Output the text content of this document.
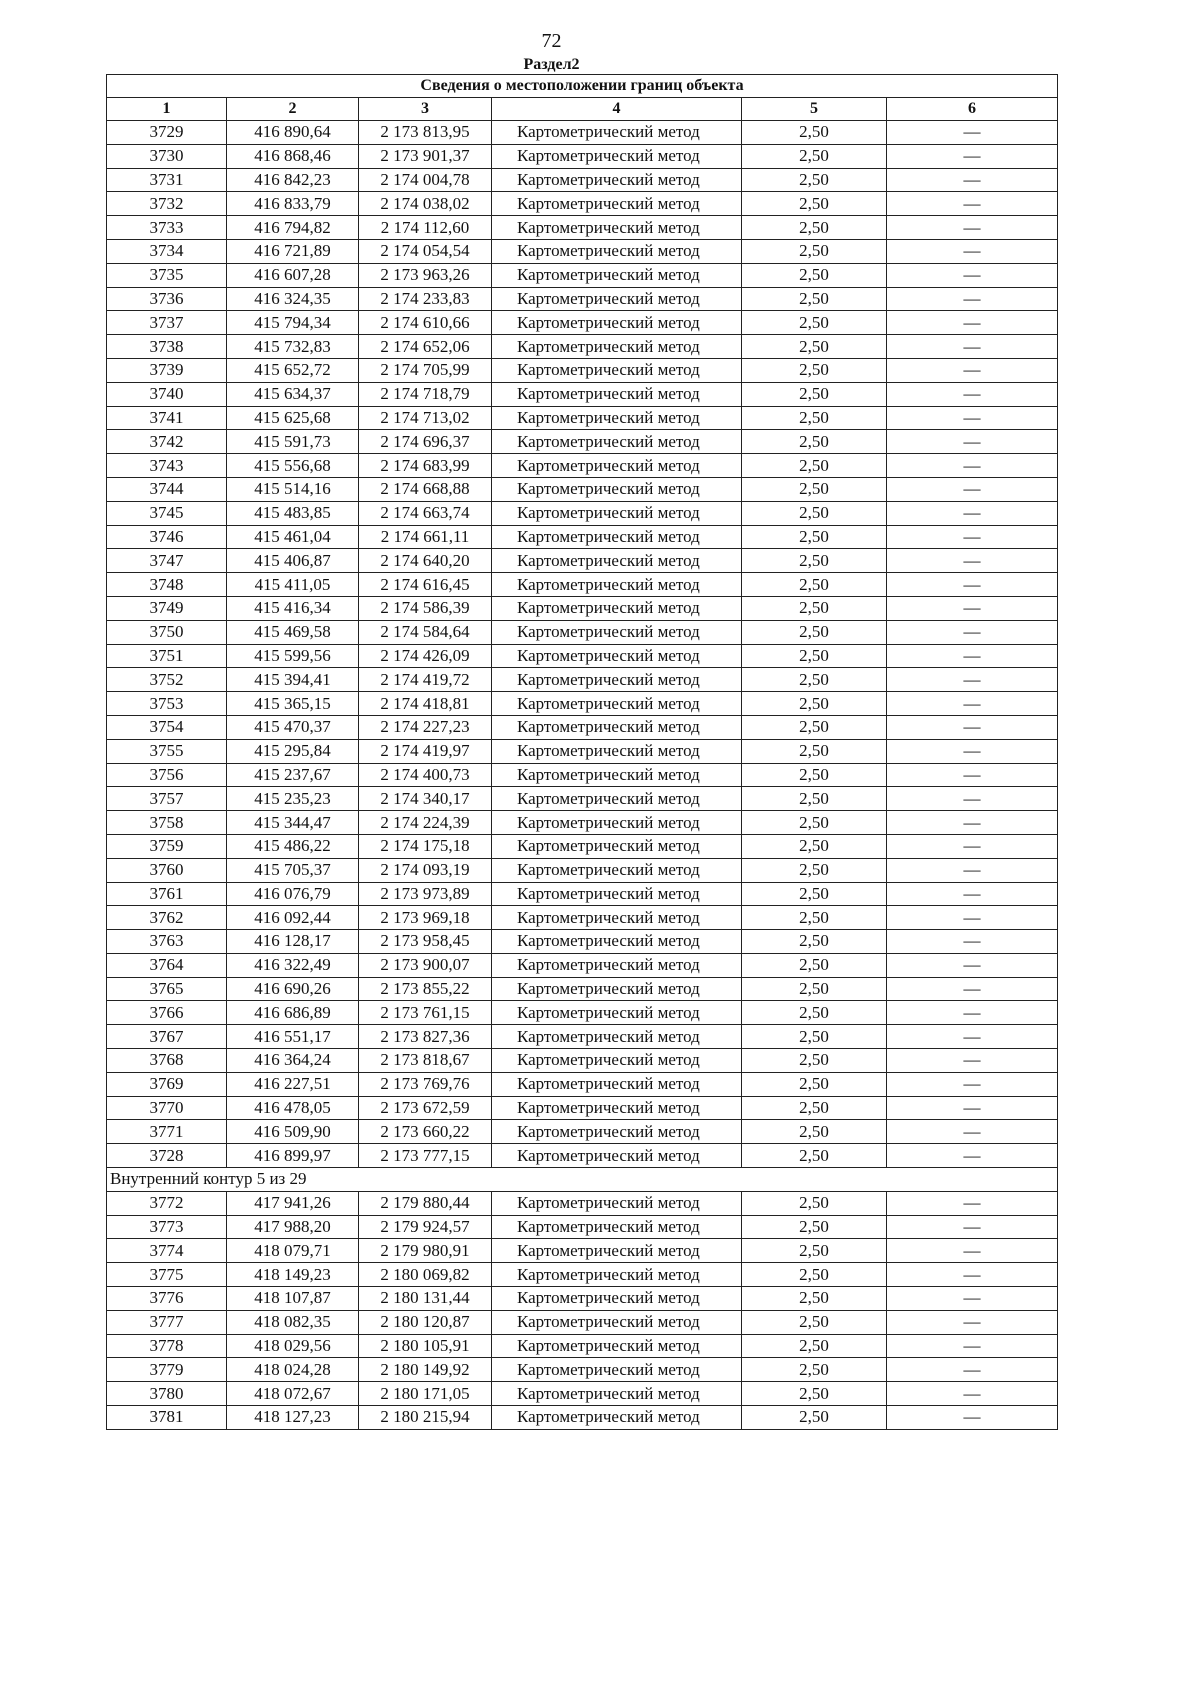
72
Раздел2
Сведения о местоположении границ объекта					
1	2	3	4	5	6
3729	416 890,64	2 173 813,95	Картометрический метод	2,50	—
3730	416 868,46	2 173 901,37	Картометрический метод	2,50	—
3731	416 842,23	2 174 004,78	Картометрический метод	2,50	—
3732	416 833,79	2 174 038,02	Картометрический метод	2,50	—
3733	416 794,82	2 174 112,60	Картометрический метод	2,50	—
3734	416 721,89	2 174 054,54	Картометрический метод	2,50	—
3735	416 607,28	2 173 963,26	Картометрический метод	2,50	—
3736	416 324,35	2 174 233,83	Картометрический метод	2,50	—
3737	415 794,34	2 174 610,66	Картометрический метод	2,50	—
3738	415 732,83	2 174 652,06	Картометрический метод	2,50	—
3739	415 652,72	2 174 705,99	Картометрический метод	2,50	—
3740	415 634,37	2 174 718,79	Картометрический метод	2,50	—
3741	415 625,68	2 174 713,02	Картометрический метод	2,50	—
3742	415 591,73	2 174 696,37	Картометрический метод	2,50	—
3743	415 556,68	2 174 683,99	Картометрический метод	2,50	—
3744	415 514,16	2 174 668,88	Картометрический метод	2,50	—
3745	415 483,85	2 174 663,74	Картометрический метод	2,50	—
3746	415 461,04	2 174 661,11	Картометрический метод	2,50	—
3747	415 406,87	2 174 640,20	Картометрический метод	2,50	—
3748	415 411,05	2 174 616,45	Картометрический метод	2,50	—
3749	415 416,34	2 174 586,39	Картометрический метод	2,50	—
3750	415 469,58	2 174 584,64	Картометрический метод	2,50	—
3751	415 599,56	2 174 426,09	Картометрический метод	2,50	—
3752	415 394,41	2 174 419,72	Картометрический метод	2,50	—
3753	415 365,15	2 174 418,81	Картометрический метод	2,50	—
3754	415 470,37	2 174 227,23	Картометрический метод	2,50	—
3755	415 295,84	2 174 419,97	Картометрический метод	2,50	—
3756	415 237,67	2 174 400,73	Картометрический метод	2,50	—
3757	415 235,23	2 174 340,17	Картометрический метод	2,50	—
3758	415 344,47	2 174 224,39	Картометрический метод	2,50	—
3759	415 486,22	2 174 175,18	Картометрический метод	2,50	—
3760	415 705,37	2 174 093,19	Картометрический метод	2,50	—
3761	416 076,79	2 173 973,89	Картометрический метод	2,50	—
3762	416 092,44	2 173 969,18	Картометрический метод	2,50	—
3763	416 128,17	2 173 958,45	Картометрический метод	2,50	—
3764	416 322,49	2 173 900,07	Картометрический метод	2,50	—
3765	416 690,26	2 173 855,22	Картометрический метод	2,50	—
3766	416 686,89	2 173 761,15	Картометрический метод	2,50	—
3767	416 551,17	2 173 827,36	Картометрический метод	2,50	—
3768	416 364,24	2 173 818,67	Картометрический метод	2,50	—
3769	416 227,51	2 173 769,76	Картометрический метод	2,50	—
3770	416 478,05	2 173 672,59	Картометрический метод	2,50	—
3771	416 509,90	2 173 660,22	Картометрический метод	2,50	—
3728	416 899,97	2 173 777,15	Картометрический метод	2,50	—
Внутренний контур 5 из 29					
3772	417 941,26	2 179 880,44	Картометрический метод	2,50	—
3773	417 988,20	2 179 924,57	Картометрический метод	2,50	—
3774	418 079,71	2 179 980,91	Картометрический метод	2,50	—
3775	418 149,23	2 180 069,82	Картометрический метод	2,50	—
3776	418 107,87	2 180 131,44	Картометрический метод	2,50	—
3777	418 082,35	2 180 120,87	Картометрический метод	2,50	—
3778	418 029,56	2 180 105,91	Картометрический метод	2,50	—
3779	418 024,28	2 180 149,92	Картометрический метод	2,50	—
3780	418 072,67	2 180 171,05	Картометрический метод	2,50	—
3781	418 127,23	2 180 215,94	Картометрический метод	2,50	—
